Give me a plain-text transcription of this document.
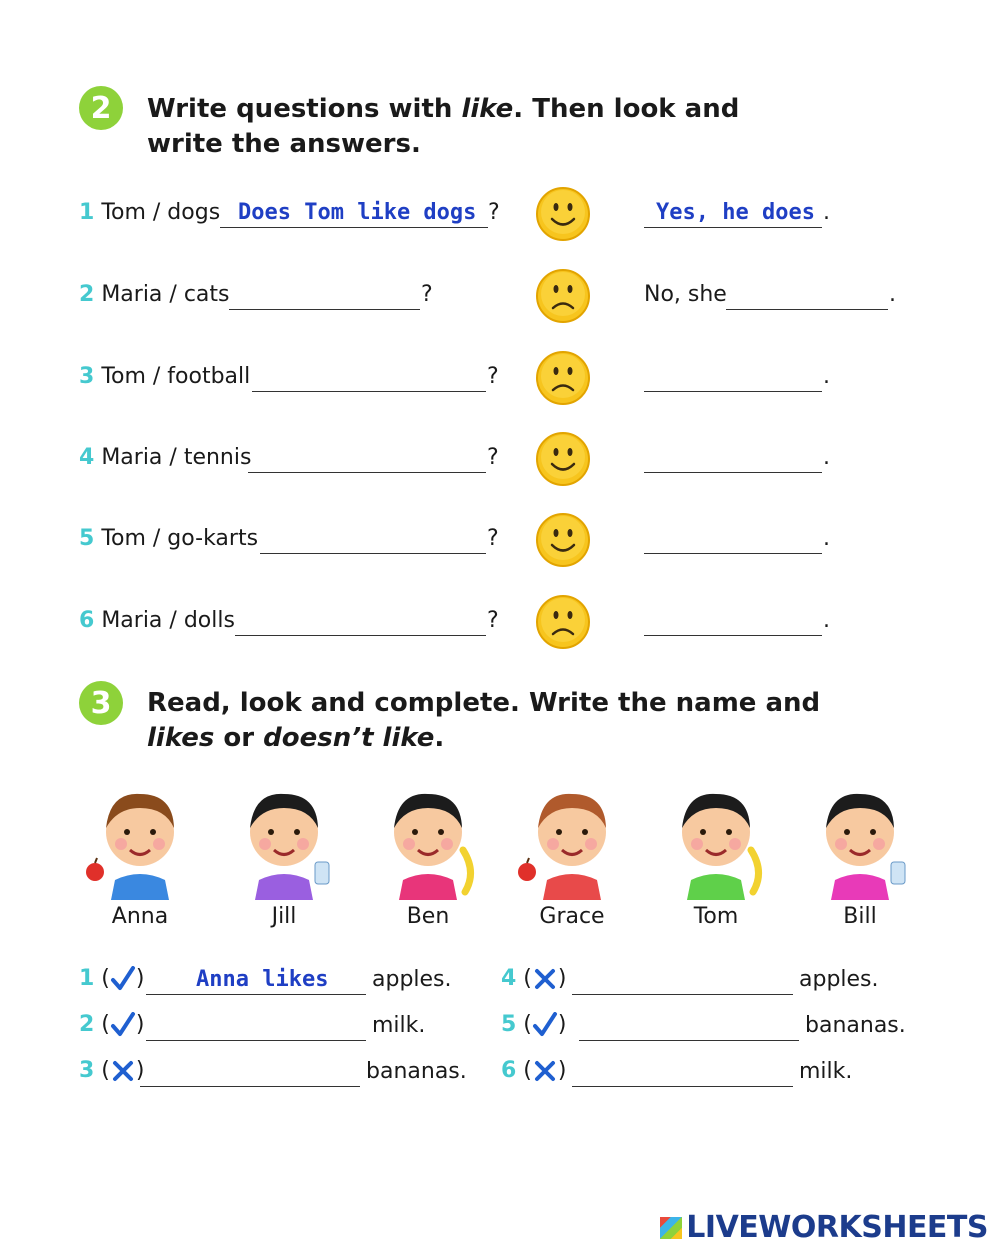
2	Write questions with like. Then look and
write the answers.
1 Tom / dogs Does Tom like dogs ?	Yes, he does .
2 Maria / cats	?	No, she	.
3 Tom / football	?	.
4 Maria / tennis	?	.
5 Tom / go-karts	?	.
6 Maria / dolls	?	.
3	Read, look and complete. Write the name and
likes or doesn’t like.
Anna	Jill	Ben	Grace	Tom	Bill
1 ( ) Anna likes apples.
2 ( )	milk.
3 ( )	bananas.
4 ( )	apples.
5 ( )	bananas.
6 ( )	milk.
LIVEWORKSHEETS
